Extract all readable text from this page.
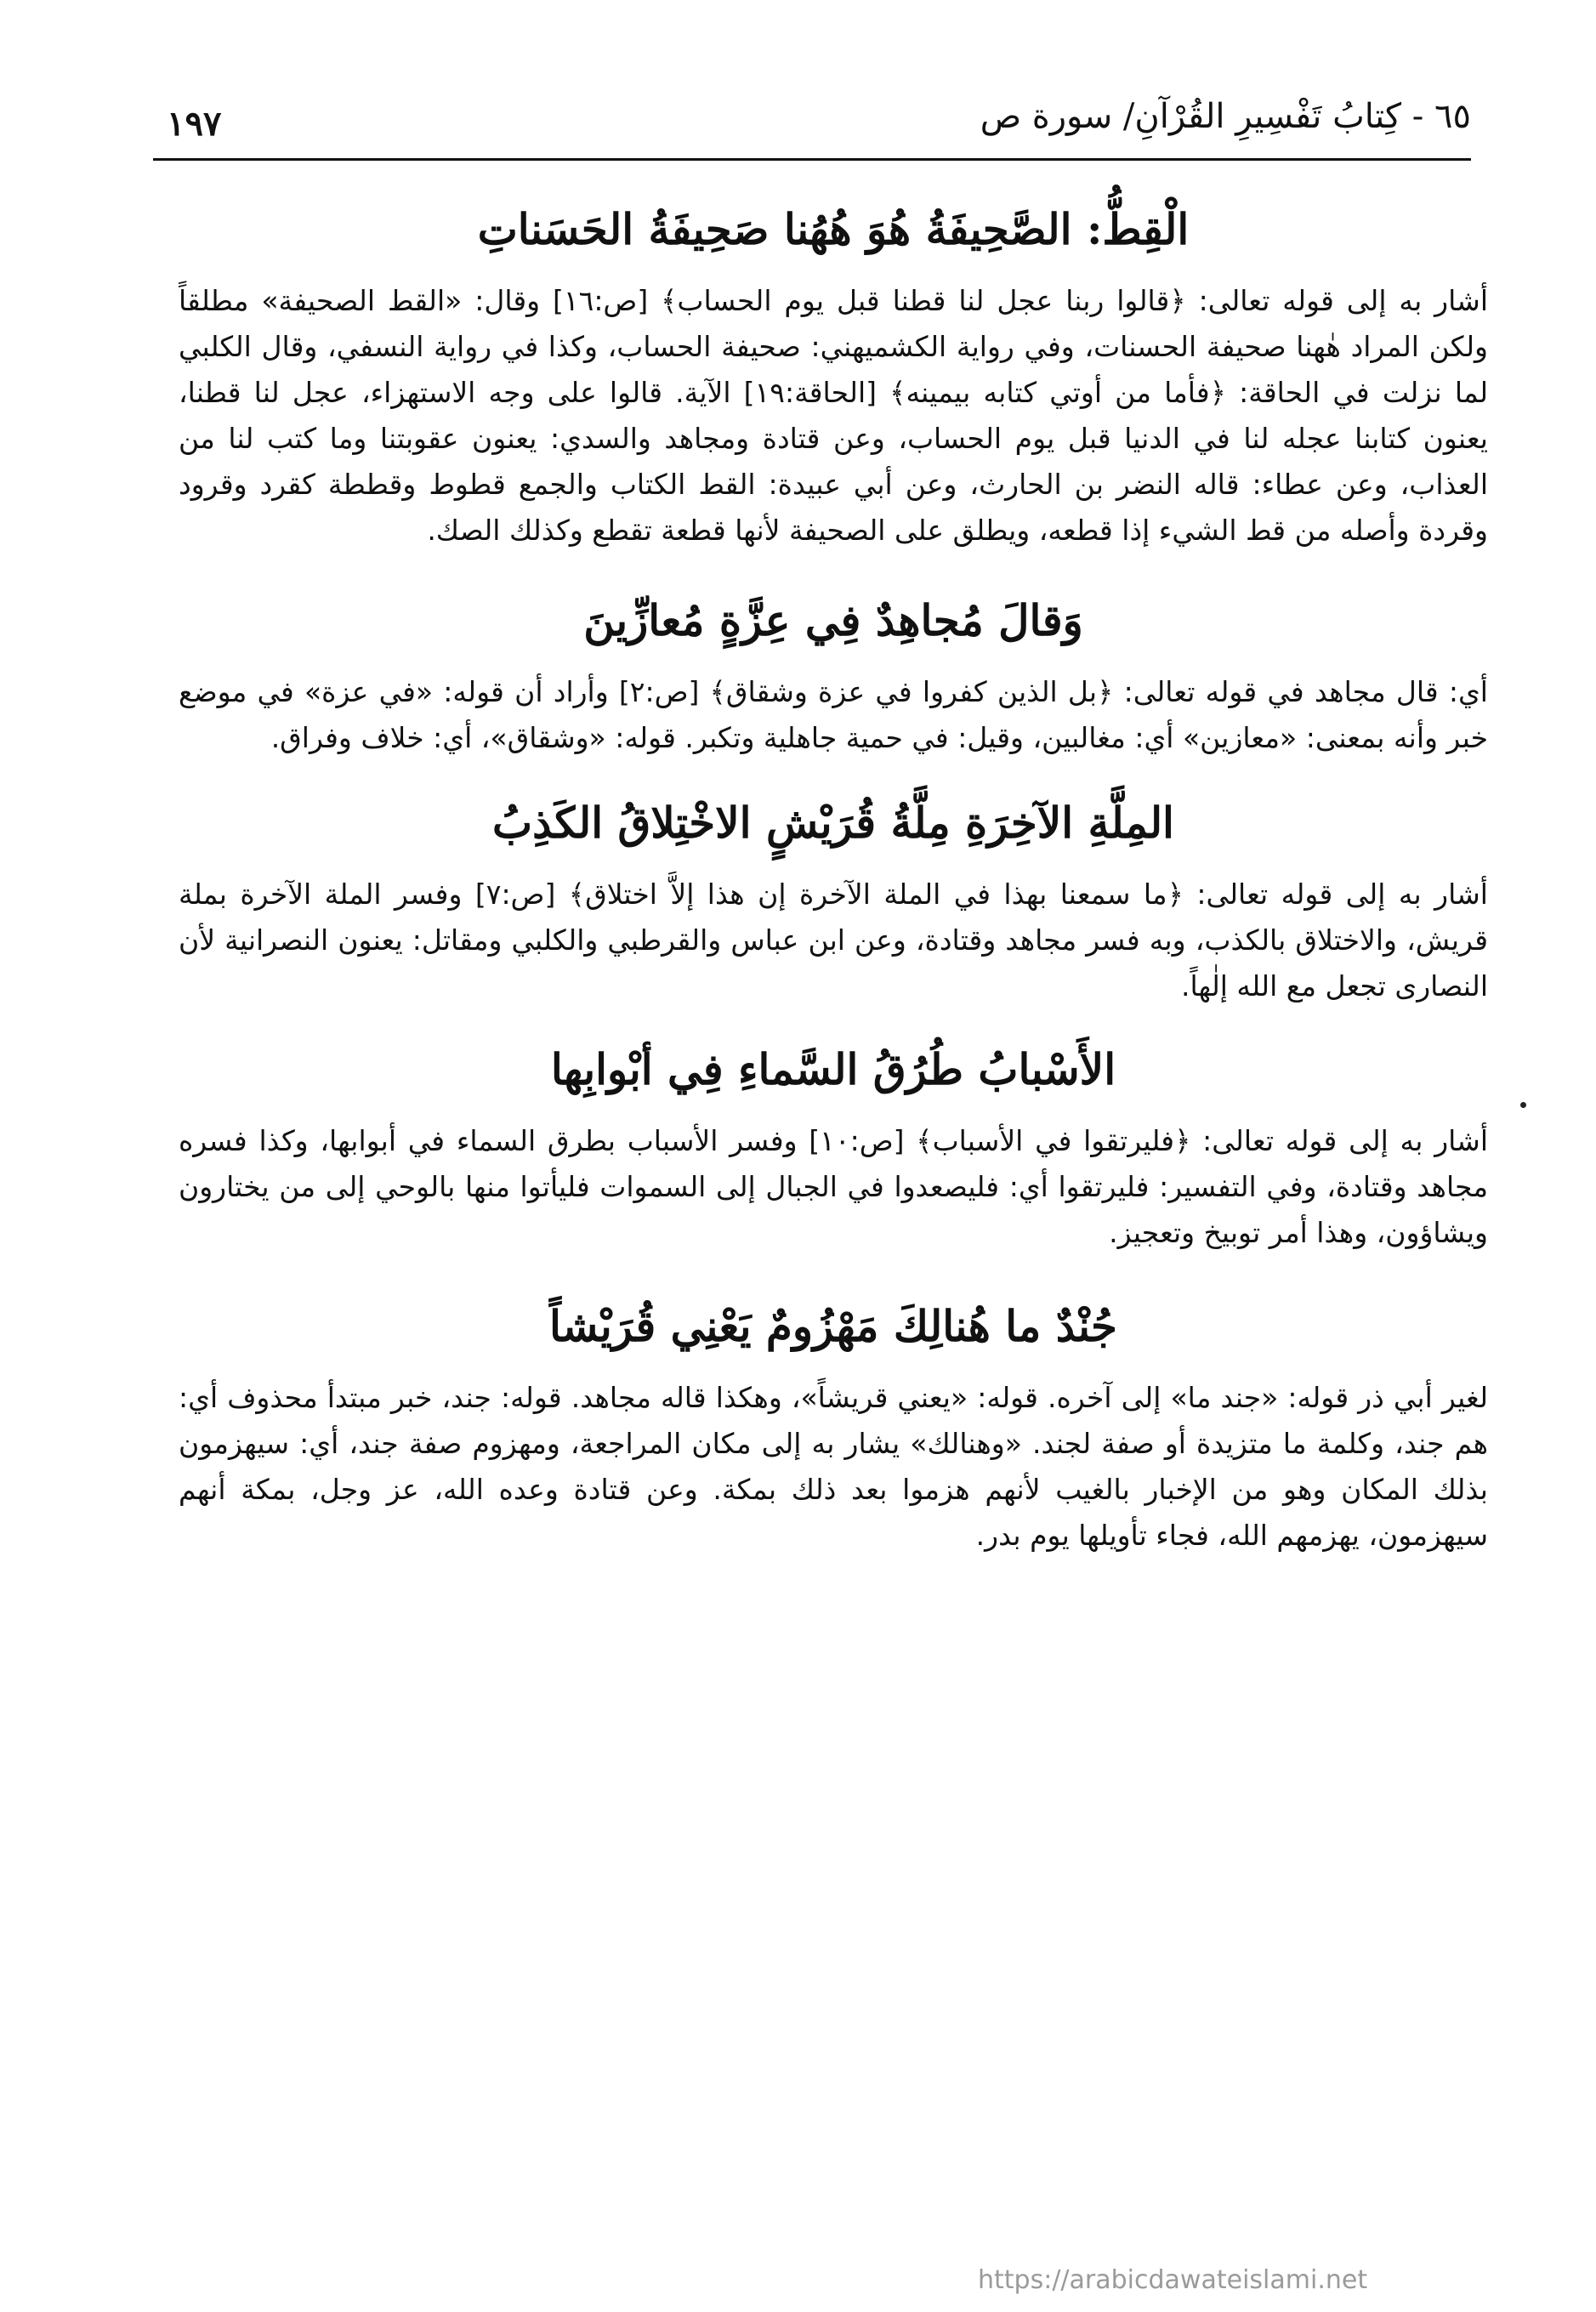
٦٥ - كِتابُ تَفْسِيرِ القُرْآنِ/ سورة ص
١٩٧
الْقِطُّ: الصَّحِيفَةُ هُوَ هُهُنا صَحِيفَةُ الحَسَناتِ

أشار به إلى قوله تعالى: ﴿قالوا ربنا عجل لنا قطنا قبل يوم الحساب﴾ [ص:١٦] وقال: «القط الصحيفة» مطلقاً ولكن المراد هٰهنا صحيفة الحسنات، وفي رواية الكشميهني: صحيفة الحساب، وكذا في رواية النسفي، وقال الكلبي لما نزلت في الحاقة: ﴿فأما من أوتي كتابه بيمينه﴾ [الحاقة:١٩] الآية. قالوا على وجه الاستهزاء، عجل لنا قطنا، يعنون كتابنا عجله لنا في الدنيا قبل يوم الحساب، وعن قتادة ومجاهد والسدي: يعنون عقوبتنا وما كتب لنا من العذاب، وعن عطاء: قاله النضر بن الحارث، وعن أبي عبيدة: القط الكتاب والجمع قطوط وقططة كقرد وقرود وقردة وأصله من قط الشيء إذا قطعه، ويطلق على الصحيفة لأنها قطعة تقطع وكذلك الصك.

وَقالَ مُجاهِدٌ فِي عِزَّةٍ مُعازِّينَ

أي: قال مجاهد في قوله تعالى: ﴿بل الذين كفروا في عزة وشقاق﴾ [ص:٢] وأراد أن قوله: «في عزة» في موضع خبر وأنه بمعنى: «معازين» أي: مغالبين، وقيل: في حمية جاهلية وتكبر. قوله: «وشقاق»، أي: خلاف وفراق.

المِلَّةِ الآخِرَةِ مِلَّةُ قُرَيْشٍ الاخْتِلاقُ الكَذِبُ

أشار به إلى قوله تعالى: ﴿ما سمعنا بهذا في الملة الآخرة إن هذا إلاَّ اختلاق﴾ [ص:٧] وفسر الملة الآخرة بملة قريش، والاختلاق بالكذب، وبه فسر مجاهد وقتادة، وعن ابن عباس والقرطبي والكلبي ومقاتل: يعنون النصرانية لأن النصارى تجعل مع الله إلٰهاً.

الأَسْبابُ طُرُقُ السَّماءِ فِي أبْوابِها

أشار به إلى قوله تعالى: ﴿فليرتقوا في الأسباب﴾ [ص:١٠] وفسر الأسباب بطرق السماء في أبوابها، وكذا فسره مجاهد وقتادة، وفي التفسير: فليرتقوا أي: فليصعدوا في الجبال إلى السموات فليأتوا منها بالوحي إلى من يختارون ويشاؤون، وهذا أمر توبيخ وتعجيز.

جُنْدٌ ما هُنالِكَ مَهْزُومٌ يَعْنِي قُرَيْشاً

لغير أبي ذر قوله: «جند ما» إلى آخره. قوله: «يعني قريشاً»، وهكذا قاله مجاهد. قوله: جند، خبر مبتدأ محذوف أي: هم جند، وكلمة ما متزيدة أو صفة لجند. «وهنالك» يشار به إلى مكان المراجعة، ومهزوم صفة جند، أي: سيهزمون بذلك المكان وهو من الإخبار بالغيب لأنهم هزموا بعد ذلك بمكة. وعن قتادة وعده الله، عز وجل، بمكة أنهم سيهزمون، يهزمهم الله، فجاء تأويلها يوم بدر.

https://arabicdawateislami.net
